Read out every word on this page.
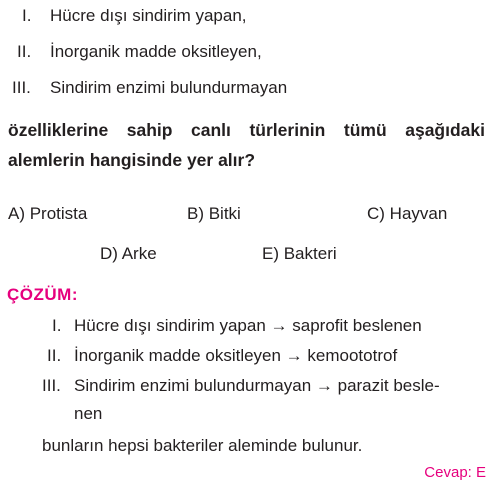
I. Hücre dışı sindirim yapan,
II. İnorganik madde oksitleyen,
III. Sindirim enzimi bulundurmayan
özelliklerine sahip canlı türlerinin tümü aşağıdaki
alemlerin hangisinde yer alır?
A) Protista	B) Bitki	C) Hayvan
D) Arke	E) Bakteri
ÇÖZÜM:
I. Hücre dışı sindirim yapan → saprofit beslenen
II. İnorganik madde oksitleyen → kemoototrof
III. Sindirim enzimi bulundurmayan → parazit besle-
nen
bunların hepsi bakteriler aleminde bulunur.
Cevap: E
